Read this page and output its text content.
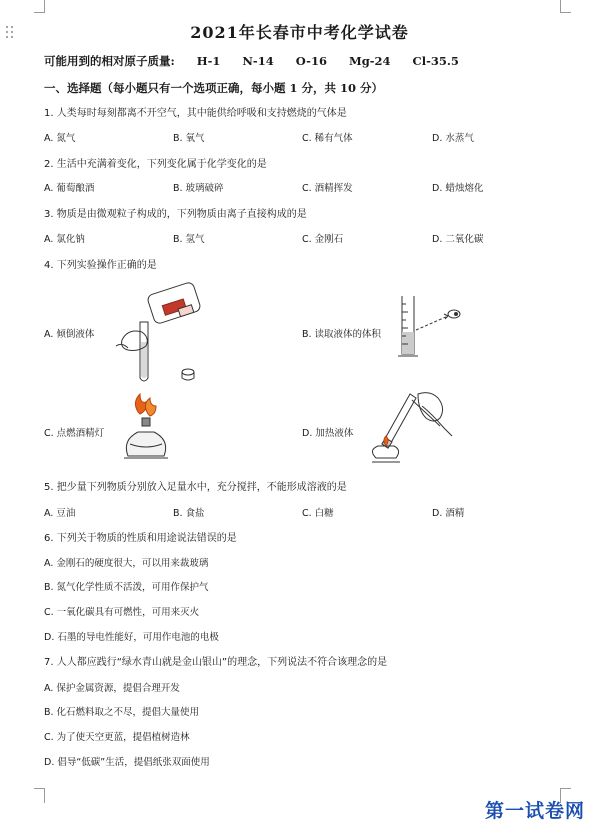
2021年长春市中考化学试卷
可能用到的相对原子质量: H-1 N-14 O-16 Mg-24 Cl-35.5
一、选择题（每小题只有一个选项正确，每小题 1 分，共 10 分）
1. 人类每时每刻都离不开空气，其中能供给呼吸和支持燃烧的气体是
A. 氮气	B. 氧气	C. 稀有气体	D. 水蒸气
2. 生活中充满着变化，下列变化属于化学变化的是
A. 葡萄酿酒	B. 玻璃破碎	C. 酒精挥发	D. 蜡烛熔化
3. 物质是由微观粒子构成的，下列物质由离子直接构成的是
A. 氯化钠	B. 氢气	C. 金刚石	D. 二氧化碳
4. 下列实验操作正确的是
A. 倾倒液体	B. 读取液体的体积
C. 点燃酒精灯	D. 加热液体
5. 把少量下列物质分别放入足量水中，充分搅拌，不能形成溶液的是
A. 豆油	B. 食盐	C. 白糖	D. 酒精
6. 下列关于物质的性质和用途说法错误的是
A. 金刚石的硬度很大，可以用来裁玻璃
B. 氮气化学性质不活泼，可用作保护气
C. 一氧化碳具有可燃性，可用来灭火
D. 石墨的导电性能好，可用作电池的电极
7. 人人都应践行“绿水青山就是金山银山”的理念，下列说法不符合该理念的是
A. 保护金属资源，提倡合理开发
B. 化石燃料取之不尽，提倡大量使用
C. 为了使天空更蓝，提倡植树造林
D. 倡导“低碳”生活，提倡纸张双面使用
第一试卷网
